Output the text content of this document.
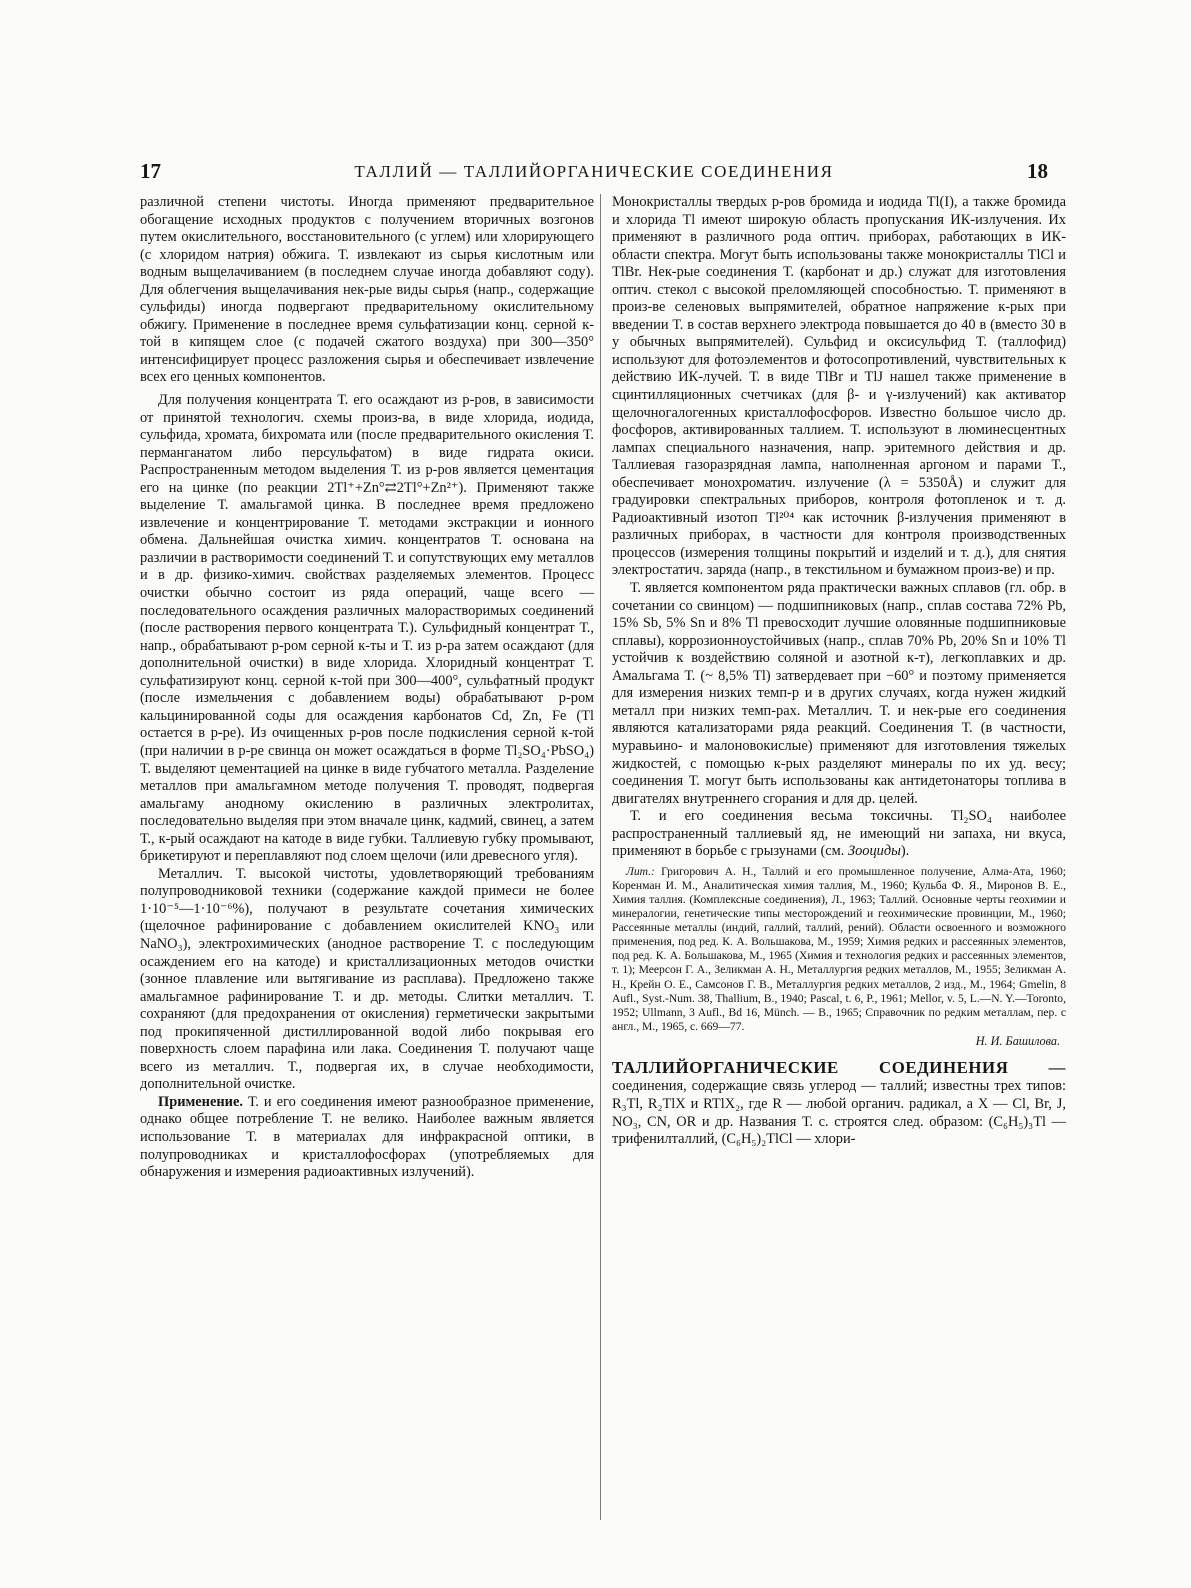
17	ТАЛЛИЙ — ТАЛЛИЙОРГАНИЧЕСКИЕ СОЕДИНЕНИЯ	18

различной степени чистоты. Иногда применяют предварительное обогащение исходных продуктов с получением вторичных возгонов путем окислительного, восстановительного (с углем) или хлорирующего (с хлоридом натрия) обжига. Т. извлекают из сырья кислотным или водным выщелачиванием (в последнем случае иногда добавляют соду). Для облегчения выщелачивания нек-рые виды сырья (напр., содержащие сульфиды) иногда подвергают предварительному окислительному обжигу. Применение в последнее время сульфатизации конц. серной к-той в кипящем слое (с подачей сжатого воздуха) при 300—350° интенсифицирует процесс разложения сырья и обеспечивает извлечение всех его ценных компонентов.

Для получения концентрата Т. его осаждают из р-ров, в зависимости от принятой технологич. схемы произ-ва, в виде хлорида, иодида, сульфида, хромата, бихромата или (после предварительного окисления Т. перманганатом либо персульфатом) в виде гидрата окиси. Распространенным методом выделения Т. из р-ров является цементация его на цинке (по реакции 2Tl⁺+Zn°⇄2Tl°+Zn²⁺). Применяют также выделение Т. амальгамой цинка. В последнее время предложено извлечение и концентрирование Т. методами экстракции и ионного обмена. Дальнейшая очистка химич. концентратов Т. основана на различии в растворимости соединений Т. и сопутствующих ему металлов и в др. физико-химич. свойствах разделяемых элементов. Процесс очистки обычно состоит из ряда операций, чаще всего — последовательного осаждения различных малорастворимых соединений (после растворения первого концентрата Т.). Сульфидный концентрат Т., напр., обрабатывают р-ром серной к-ты и Т. из р-ра затем осаждают (для дополнительной очистки) в виде хлорида. Хлоридный концентрат Т. сульфатизируют конц. серной к-той при 300—400°, сульфатный продукт (после измельчения с добавлением воды) обрабатывают р-ром кальцинированной соды для осаждения карбонатов Cd, Zn, Fe (Tl остается в р-ре). Из очищенных р-ров после подкисления серной к-той (при наличии в р-ре свинца он может осаждаться в форме Tl₂SO₄·PbSO₄) Т. выделяют цементацией на цинке в виде губчатого металла. Разделение металлов при амальгамном методе получения Т. проводят, подвергая амальгаму анодному окислению в различных электролитах, последовательно выделяя при этом вначале цинк, кадмий, свинец, а затем Т., к-рый осаждают на катоде в виде губки. Таллиевую губку промывают, брикетируют и переплавляют под слоем щелочи (или древесного угля).

Металлич. Т. высокой чистоты, удовлетворяющий требованиям полупроводниковой техники (содержание каждой примеси не более 1·10⁻⁵—1·10⁻⁶%), получают в результате сочетания химических (щелочное рафинирование с добавлением окислителей KNO₃ или NaNO₃), электрохимических (анодное растворение Т. с последующим осаждением его на катоде) и кристаллизационных методов очистки (зонное плавление или вытягивание из расплава). Предложено также амальгамное рафинирование Т. и др. методы. Слитки металлич. Т. сохраняют (для предохранения от окисления) герметически закрытыми под прокипяченной дистиллированной водой либо покрывая его поверхность слоем парафина или лака. Соединения Т. получают чаще всего из металлич. Т., подвергая их, в случае необходимости, дополнительной очистке.

Применение. Т. и его соединения имеют разнообразное применение, однако общее потребление Т. не велико. Наиболее важным является использование Т. в материалах для инфракрасной оптики, в полупроводниках и кристаллофосфорах (употребляемых для обнаружения и измерения радиоактивных излучений).

Монокристаллы твердых р-ров бромида и иодида Tl(I), а также бромида и хлорида Tl имеют широкую область пропускания ИК-излучения. Их применяют в различного рода оптич. приборах, работающих в ИК-области спектра. Могут быть использованы также монокристаллы TlCl и TlBr. Нек-рые соединения Т. (карбонат и др.) служат для изготовления оптич. стекол с высокой преломляющей способностью. Т. применяют в произ-ве селеновых выпрямителей, обратное напряжение к-рых при введении Т. в состав верхнего электрода повышается до 40 в (вместо 30 в у обычных выпрямителей). Сульфид и оксисульфид Т. (таллофид) используют для фотоэлементов и фотосопротивлений, чувствительных к действию ИК-лучей. Т. в виде TlBr и TlJ нашел также применение в сцинтилляционных счетчиках (для β- и γ-излучений) как активатор щелочногалогенных кристаллофосфоров. Известно большое число др. фосфоров, активированных таллием. Т. используют в люминесцентных лампах специального назначения, напр. эритемного действия и др. Таллиевая газоразрядная лампа, наполненная аргоном и парами Т., обеспечивает монохроматич. излучение (λ = 5350Å) и служит для градуировки спектральных приборов, контроля фотопленок и т. д. Радиоактивный изотоп Tl²⁰⁴ как источник β-излучения применяют в различных приборах, в частности для контроля производственных процессов (измерения толщины покрытий и изделий и т. д.), для снятия электростатич. заряда (напр., в текстильном и бумажном произ-ве) и пр.

Т. является компонентом ряда практически важных сплавов (гл. обр. в сочетании со свинцом) — подшипниковых (напр., сплав состава 72% Pb, 15% Sb, 5% Sn и 8% Tl превосходит лучшие оловянные подшипниковые сплавы), коррозионноустойчивых (напр., сплав 70% Pb, 20% Sn и 10% Tl устойчив к воздействию соляной и азотной к-т), легкоплавких и др. Амальгама Т. (~ 8,5% Tl) затвердевает при −60° и поэтому применяется для измерения низких темп-р и в других случаях, когда нужен жидкий металл при низких темп-рах. Металлич. Т. и нек-рые его соединения являются катализаторами ряда реакций. Соединения Т. (в частности, муравьино- и малоновокислые) применяют для изготовления тяжелых жидкостей, с помощью к-рых разделяют минералы по их уд. весу; соединения Т. могут быть использованы как антидетонаторы топлива в двигателях внутреннего сгорания и для др. целей.

Т. и его соединения весьма токсичны. Tl₂SO₄ наиболее распространенный таллиевый яд, не имеющий ни запаха, ни вкуса, применяют в борьбе с грызунами (см. Зооциды).

Лит.: Григорович А. Н., Таллий и его промышленное получение, Алма-Ата, 1960; Коренман И. М., Аналитическая химия таллия, М., 1960; Кульба Ф. Я., Миронов В. Е., Химия таллия. (Комплексные соединения), Л., 1963; Таллий. Основные черты геохимии и минералогии, генетические типы месторождений и геохимические провинции, М., 1960; Рассеянные металлы (индий, галлий, таллий, рений). Области освоенного и возможного применения, под ред. К. А. Вольшакова, М., 1959; Химия редких и рассеянных элементов, под ред. К. А. Большакова, М., 1965 (Химия и технология редких и рассеянных элементов, т. 1); Меерсон Г. А., Зеликман А. Н., Металлургия редких металлов, М., 1955; Зеликман А. Н., Крейн О. Е., Самсонов Г. В., Металлургия редких металлов, 2 изд., М., 1964; Gmelin, 8 Aufl., Syst.-Num. 38, Thallium, B., 1940; Pascal, t. 6, P., 1961; Mellor, v. 5, L.—N. Y.—Toronto, 1952; Ullmann, 3 Aufl., Bd 16, Münch. — B., 1965; Справочник по редким металлам, пер. с англ., М., 1965, с. 669—77.

Н. И. Башилова.

ТАЛЛИЙОРГАНИЧЕСКИЕ СОЕДИНЕНИЯ — соединения, содержащие связь углерод — таллий; известны трех типов: R₃Tl, R₂TlX и RTlX₂, где R — любой органич. радикал, а X — Cl, Br, J, NO₃, CN, OR и др. Названия Т. с. строятся след. образом: (C₆H₅)₃Tl — трифенилталлий, (C₆H₅)₂TlCl — хлори-
